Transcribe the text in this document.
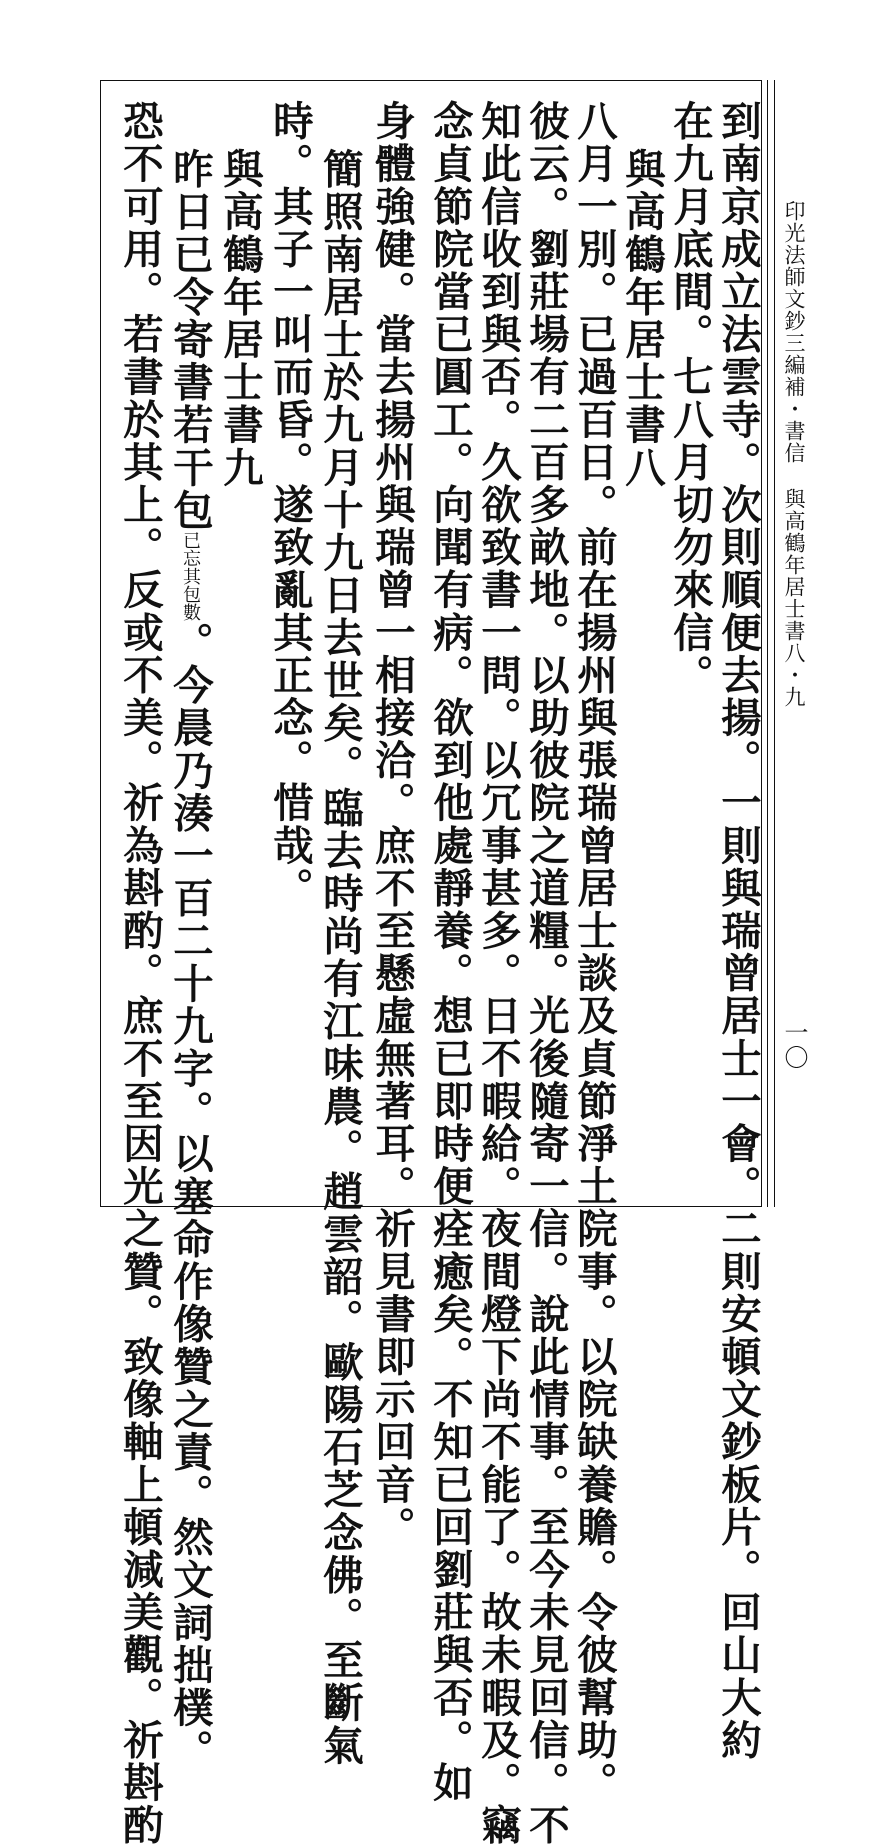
印光法師文鈔三編補・書信與高鶴年居士書八・九
一〇
到南京成立法雲寺。次則順便去揚。一則與瑞曾居士一會。二則安頓文鈔板片。回山大約
在九月底間。七八月切勿來信。
與高鶴年居士書八
八月一別。已過百日。前在揚州與張瑞曾居士談及貞節淨土院事。以院缺養贍。令彼幫助。
彼云。劉莊場有二百多畝地。以助彼院之道糧。光後隨寄一信。說此情事。至今未見回信。不
知此信收到與否。久欲致書一問。以冗事甚多。日不暇給。夜間燈下尚不能了。故未暇及。竊
念貞節院當已圓工。向聞有病。欲到他處靜養。想已即時便痊癒矣。不知已回劉莊與否。如
身體強健。當去揚州與瑞曾一相接洽。庶不至懸虛無著耳。祈見書即示回音。
簡照南居士於九月十九日去世矣。臨去時尚有江味農。趙雲韶。歐陽石芝念佛。至斷氣
時。其子一叫而昏。遂致亂其正念。惜哉。
與高鶴年居士書九
昨日已令寄書若干包已忘其包數。今晨乃湊一百二十九字。以塞命作像贊之責。然文詞拙樸。
恐不可用。若書於其上。反或不美。祈為斟酌。庶不至因光之贊。致像軸上頓減美觀。祈斟酌
